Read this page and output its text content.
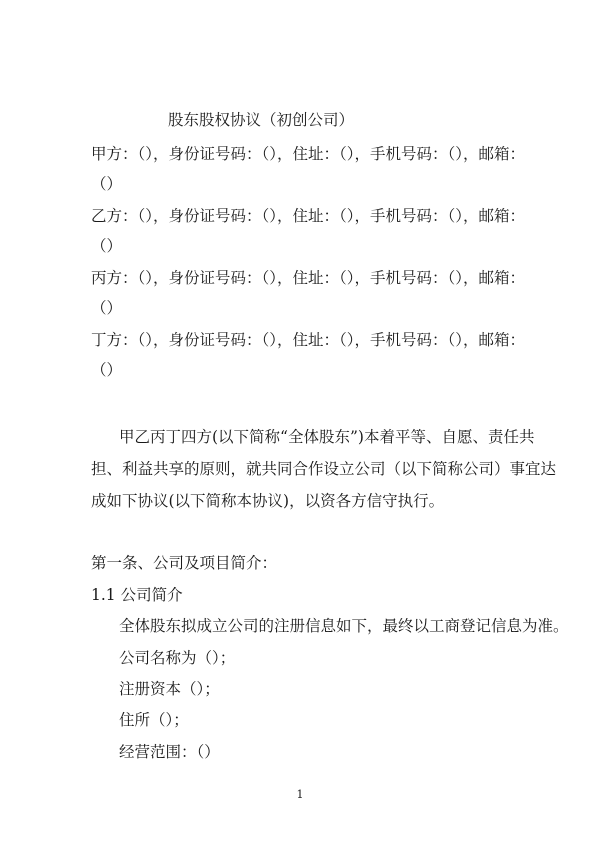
股东股权协议（初创公司）
甲方：（），身份证号码：（），住址：（），手机号码：（），邮箱：
（）
乙方：（），身份证号码：（），住址：（），手机号码：（），邮箱：
（）
丙方：（），身份证号码：（），住址：（），手机号码：（），邮箱：
（）
丁方：（），身份证号码：（），住址：（），手机号码：（），邮箱：
（）
甲乙丙丁四方(以下简称“全体股东”)本着平等、自愿、责任共
担、利益共享的原则，就共同合作设立公司（以下简称公司）事宜达
成如下协议(以下简称本协议)，以资各方信守执行。
第一条、公司及项目简介：
1.1 公司简介
全体股东拟成立公司的注册信息如下，最终以工商登记信息为准。
公司名称为（）；
注册资本（）；
住所（）；
经营范围：（）
1
